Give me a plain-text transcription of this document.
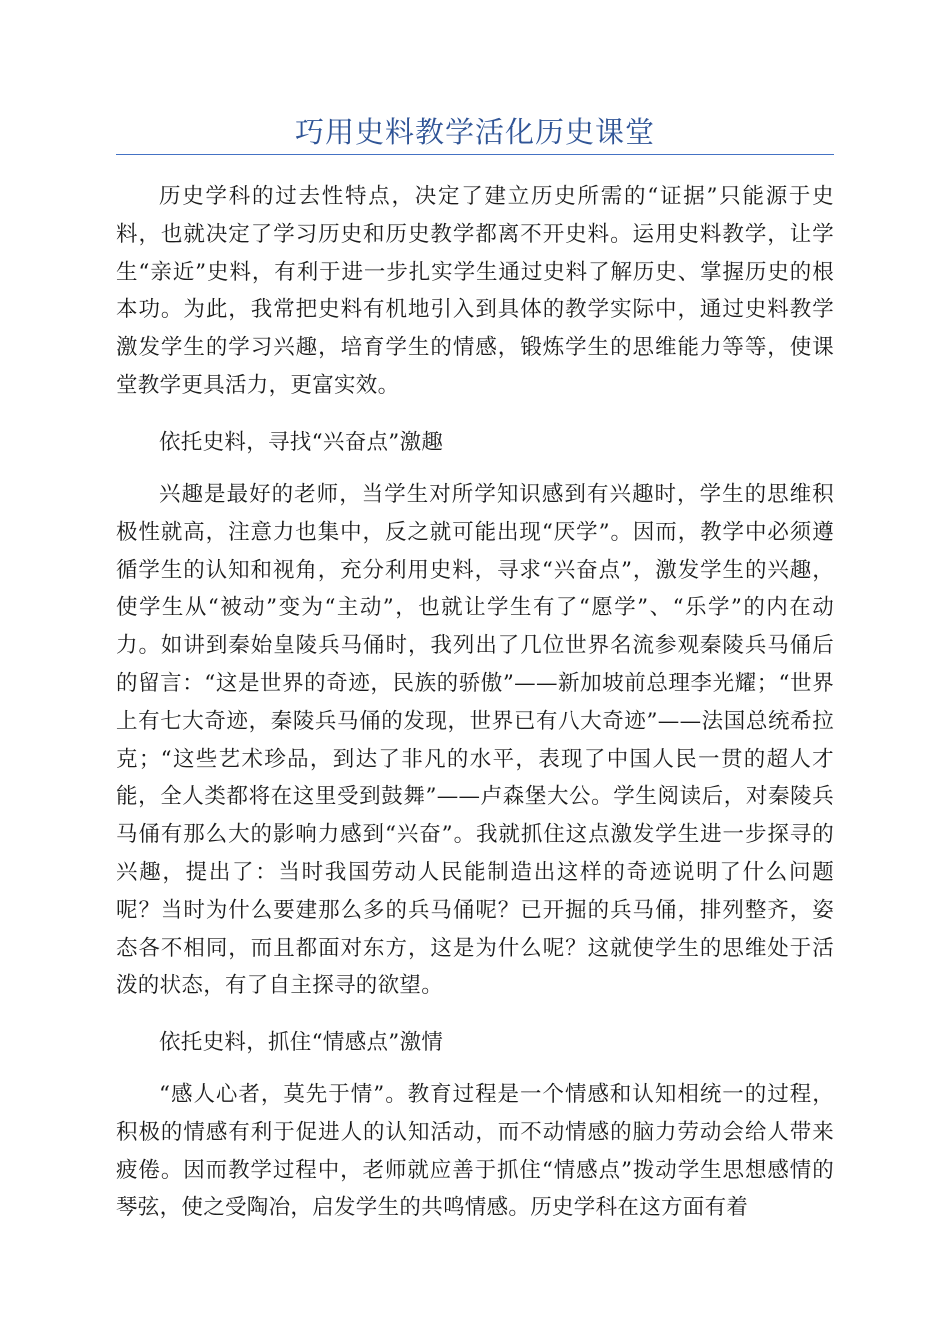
巧用史料教学活化历史课堂

历史学科的过去性特点，决定了建立历史所需的“证据”只能源于史料，也就决定了学习历史和历史教学都离不开史料。运用史料教学，让学生“亲近”史料，有利于进一步扎实学生通过史料了解历史、掌握历史的根本功。为此，我常把史料有机地引入到具体的教学实际中，通过史料教学激发学生的学习兴趣，培育学生的情感，锻炼学生的思维能力等等，使课堂教学更具活力，更富实效。

依托史料，寻找“兴奋点”激趣

兴趣是最好的老师，当学生对所学知识感到有兴趣时，学生的思维积极性就高，注意力也集中，反之就可能出现“厌学”。因而，教学中必须遵循学生的认知和视角，充分利用史料，寻求“兴奋点”，激发学生的兴趣，使学生从“被动”变为“主动”，也就让学生有了“愿学”、“乐学”的内在动力。如讲到秦始皇陵兵马俑时，我列出了几位世界名流参观秦陵兵马俑后的留言：“这是世界的奇迹，民族的骄傲”——新加坡前总理李光耀；“世界上有七大奇迹，秦陵兵马俑的发现，世界已有八大奇迹”——法国总统希拉克；“这些艺术珍品，到达了非凡的水平，表现了中国人民一贯的超人才能，全人类都将在这里受到鼓舞”——卢森堡大公。学生阅读后，对秦陵兵马俑有那么大的影响力感到“兴奋”。我就抓住这点激发学生进一步探寻的兴趣，提出了：当时我国劳动人民能制造出这样的奇迹说明了什么问题呢？当时为什么要建那么多的兵马俑呢？已开掘的兵马俑，排列整齐，姿态各不相同，而且都面对东方，这是为什么呢？这就使学生的思维处于活泼的状态，有了自主探寻的欲望。

依托史料，抓住“情感点”激情

“感人心者，莫先于情”。教育过程是一个情感和认知相统一的过程，积极的情感有利于促进人的认知活动，而不动情感的脑力劳动会给人带来疲倦。因而教学过程中，老师就应善于抓住“情感点”拨动学生思想感情的琴弦，使之受陶冶，启发学生的共鸣情感。历史学科在这方面有着
